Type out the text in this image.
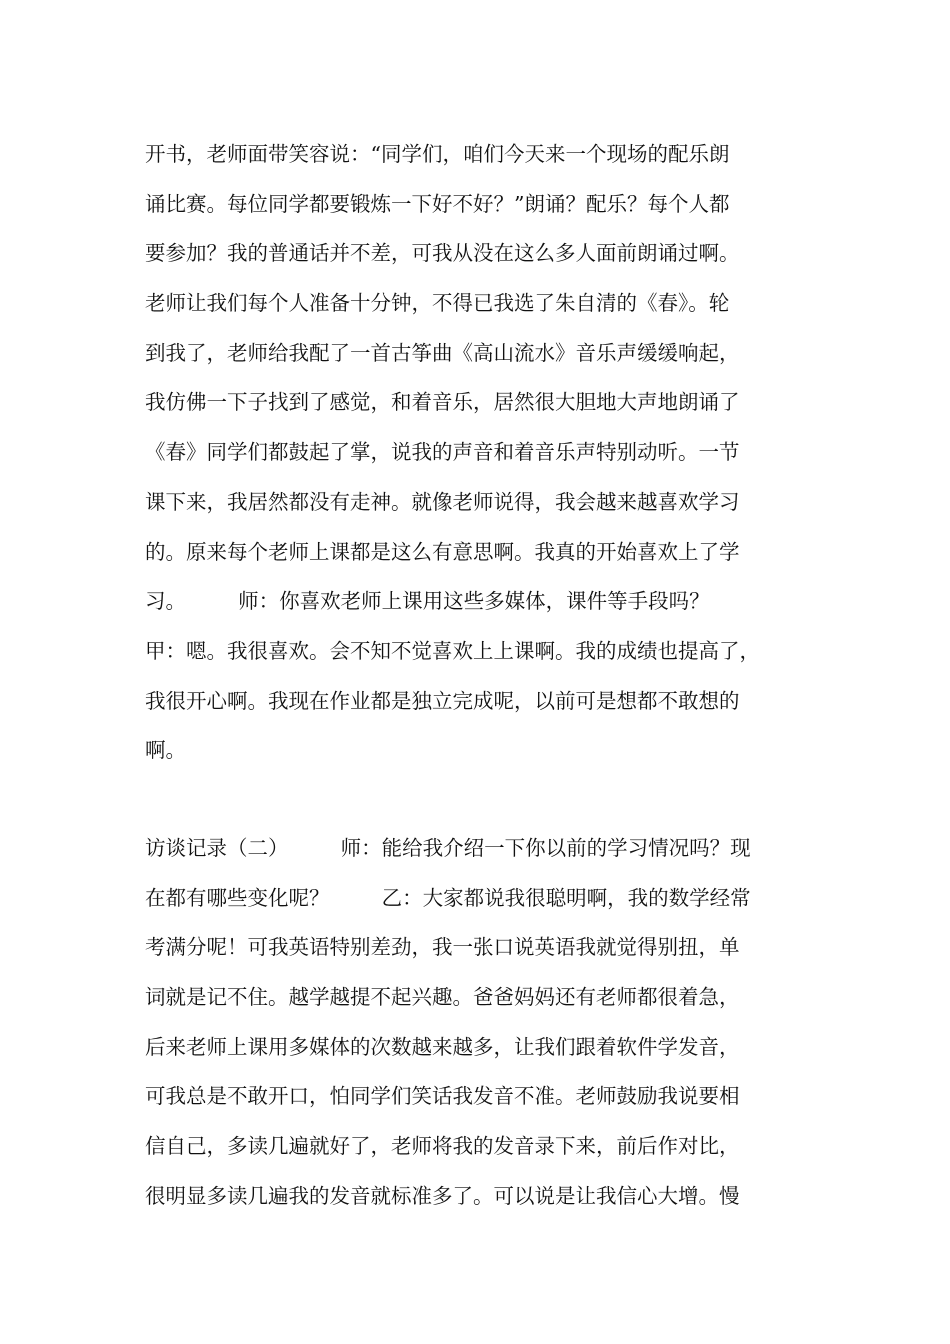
开书，老师面带笑容说：“同学们，咱们今天来一个现场的配乐朗
诵比赛。每位同学都要锻炼一下好不好？”朗诵？配乐？每个人都
要参加？我的普通话并不差，可我从没在这么多人面前朗诵过啊。
老师让我们每个人准备十分钟，不得已我选了朱自清的《春》。轮
到我了，老师给我配了一首古筝曲《高山流水》音乐声缓缓响起，
我仿佛一下子找到了感觉，和着音乐，居然很大胆地大声地朗诵了
《春》同学们都鼓起了掌，说我的声音和着音乐声特别动听。一节
课下来，我居然都没有走神。就像老师说得，我会越来越喜欢学习
的。原来每个老师上课都是这么有意思啊。我真的开始喜欢上了学
习。        师：你喜欢老师上课用这些多媒体，课件等手段吗？
甲：嗯。我很喜欢。会不知不觉喜欢上上课啊。我的成绩也提高了，
我很开心啊。我现在作业都是独立完成呢，以前可是想都不敢想的
啊。
访谈记录（二）        师：能给我介绍一下你以前的学习情况吗？现
在都有哪些变化呢？        乙：大家都说我很聪明啊，我的数学经常
考满分呢！可我英语特别差劲，我一张口说英语我就觉得别扭，单
词就是记不住。越学越提不起兴趣。爸爸妈妈还有老师都很着急，
后来老师上课用多媒体的次数越来越多，让我们跟着软件学发音，
可我总是不敢开口，怕同学们笑话我发音不准。老师鼓励我说要相
信自己，多读几遍就好了，老师将我的发音录下来，前后作对比，
很明显多读几遍我的发音就标准多了。可以说是让我信心大增。慢
